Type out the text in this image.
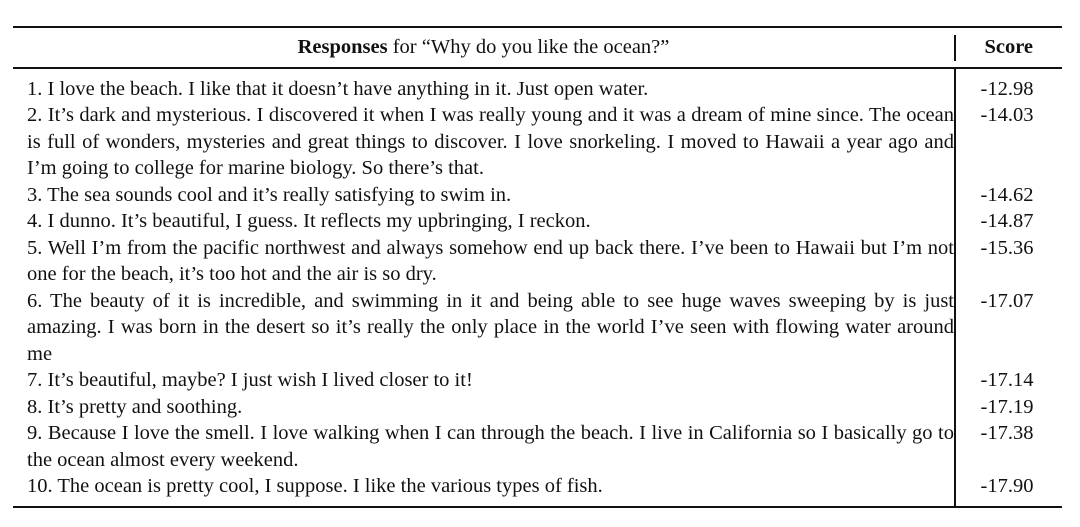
Responses for “Why do you like the ocean?”	Score
1. I love the beach. I like that it doesn’t have anything in it. Just open water.	-12.98
2. It’s dark and mysterious. I discovered it when I was really young and it was a dream of mine since. The ocean is full of wonders, mysteries and great things to discover. I love snorkeling. I moved to Hawaii a year ago and I’m going to college for marine biology. So there’s that.
-14.03
3. The sea sounds cool and it’s really satisfying to swim in.	-14.62
4. I dunno. It’s beautiful, I guess. It reflects my upbringing, I reckon.	-14.87
5. Well I’m from the pacific northwest and always somehow end up back there. I’ve been to Hawaii but I’m not one for the beach, it’s too hot and the air is so dry.
-15.36
6. The beauty of it is incredible, and swimming in it and being able to see huge waves sweeping by is just amazing. I was born in the desert so it’s really the only place in the world I’ve seen with flowing water around me
-17.07
7. It’s beautiful, maybe? I just wish I lived closer to it!	-17.14
8. It’s pretty and soothing.	-17.19
9. Because I love the smell. I love walking when I can through the beach. I live in California so I basically go to the ocean almost every weekend.
-17.38
10. The ocean is pretty cool, I suppose. I like the various types of fish.	-17.90
